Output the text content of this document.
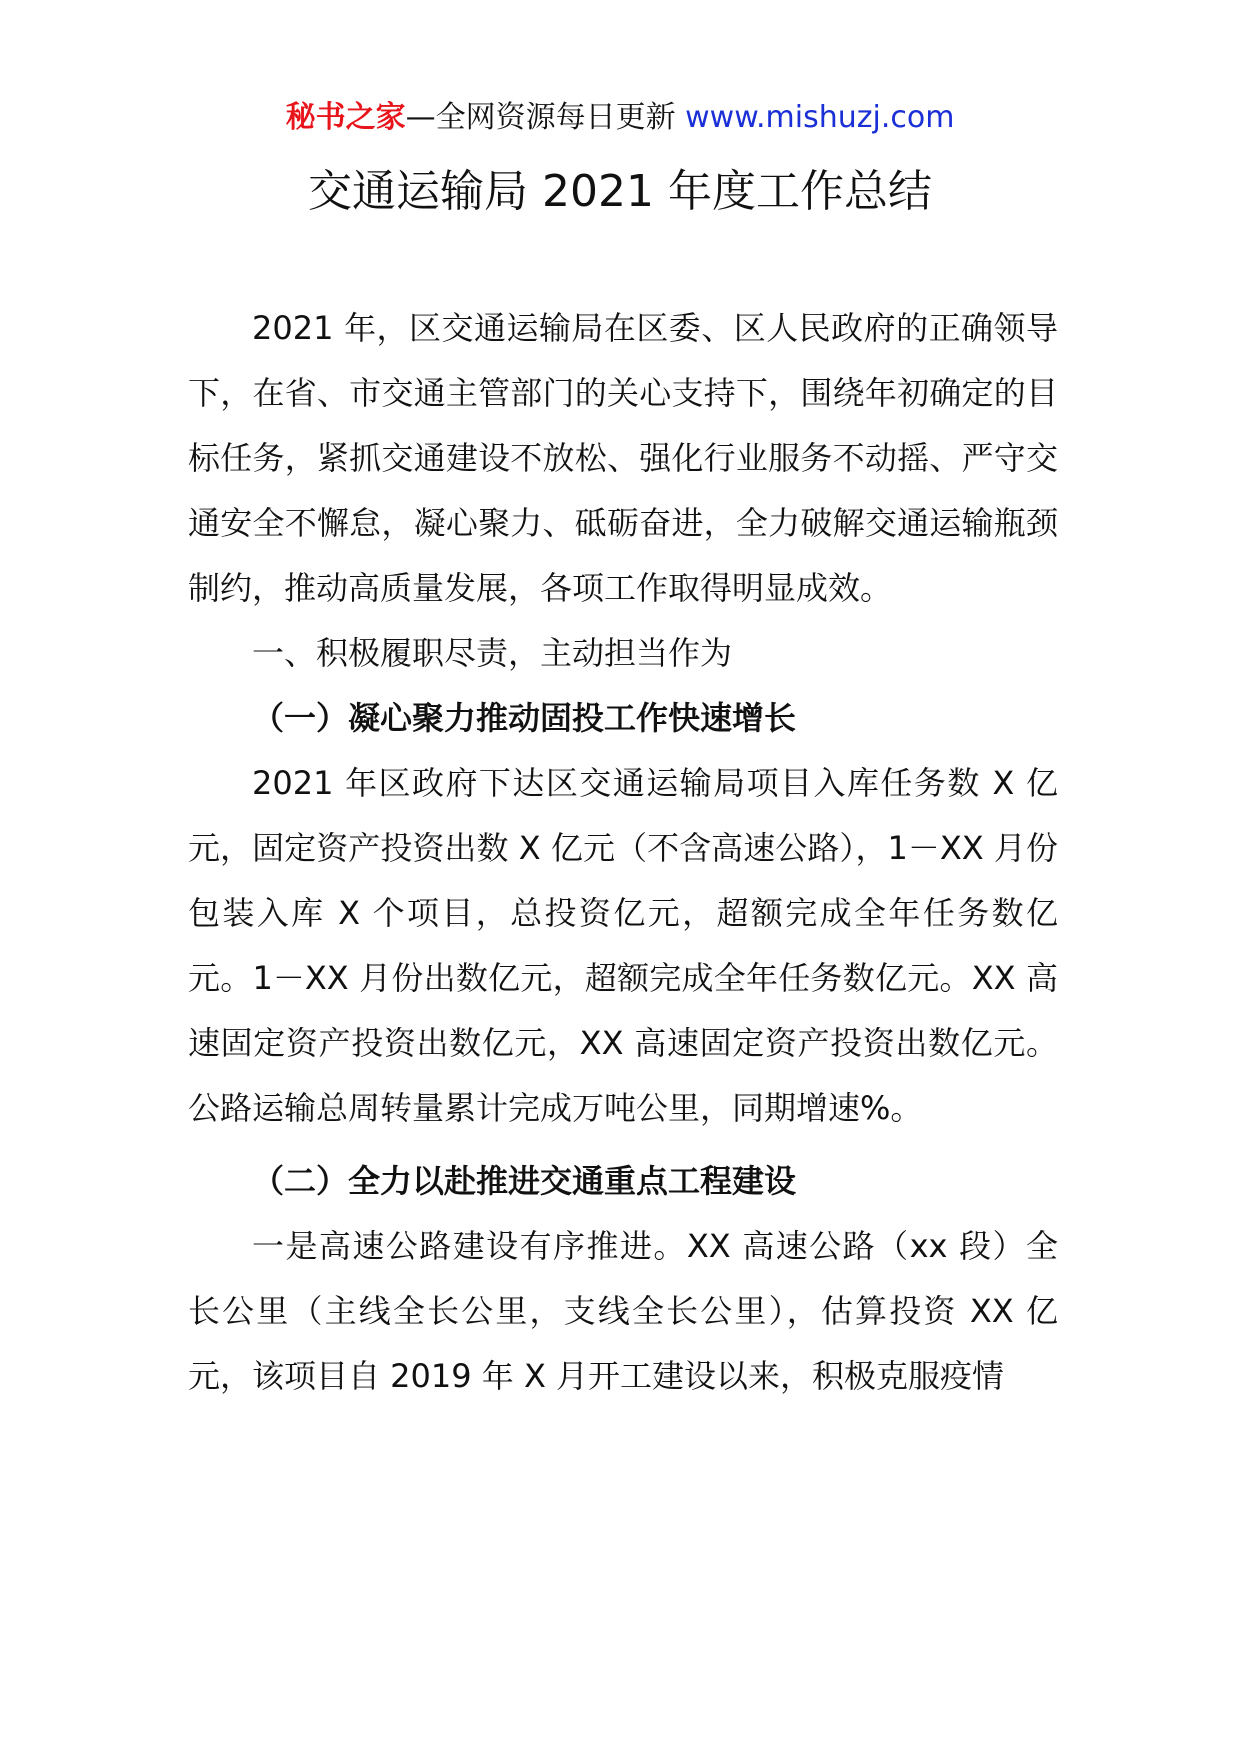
秘书之家—全网资源每日更新 www.mishuzj.com
交通运输局 2021 年度工作总结

2021 年，区交通运输局在区委、区人民政府的正确领导下，在省、市交通主管部门的关心支持下，围绕年初确定的目标任务，紧抓交通建设不放松、强化行业服务不动摇、严守交通安全不懈怠，凝心聚力、砥砺奋进，全力破解交通运输瓶颈制约，推动高质量发展，各项工作取得明显成效。

一、积极履职尽责，主动担当作为

（一）凝心聚力推动固投工作快速增长

2021 年区政府下达区交通运输局项目入库任务数 X 亿元，固定资产投资出数 X 亿元（不含高速公路），1－XX 月份包装入库 X 个项目，总投资亿元，超额完成全年任务数亿元。1－XX 月份出数亿元，超额完成全年任务数亿元。XX 高速固定资产投资出数亿元，XX 高速固定资产投资出数亿元。公路运输总周转量累计完成万吨公里，同期增速%。

（二）全力以赴推进交通重点工程建设

一是高速公路建设有序推进。XX 高速公路（xx 段）全长公里（主线全长公里，支线全长公里），估算投资 XX 亿元，该项目自 2019 年 X 月开工建设以来，积极克服疫情
